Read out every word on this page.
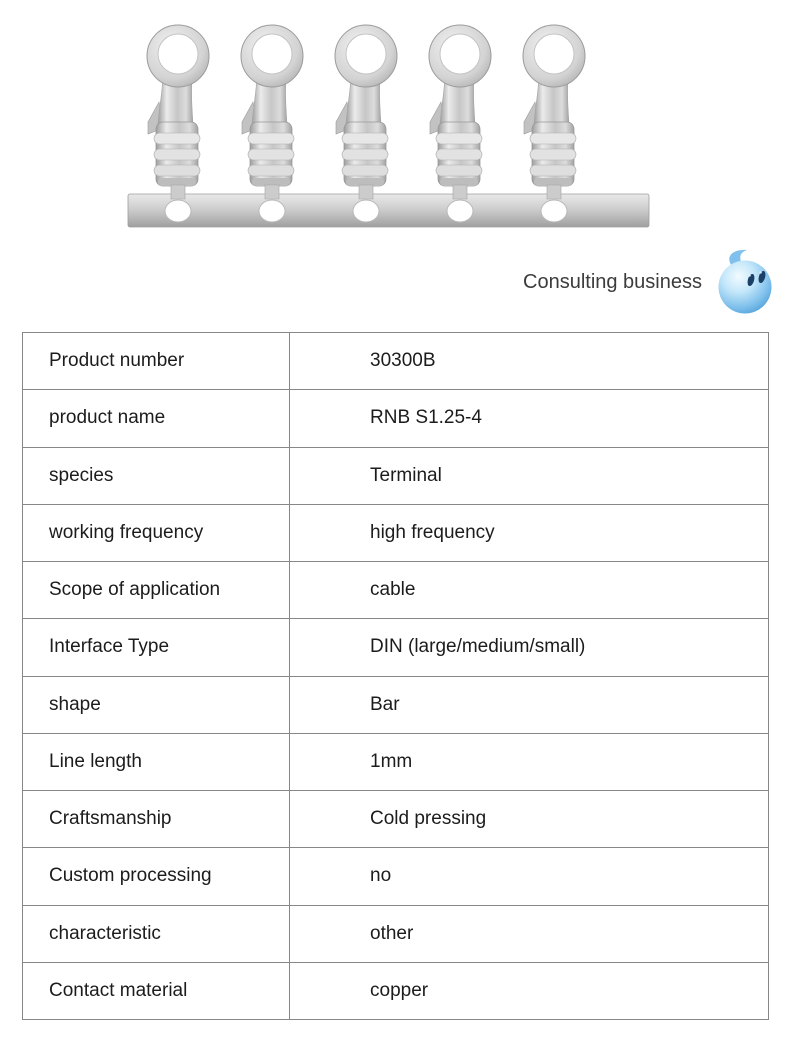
Consulting business
Product number	30300B
product name	RNB S1.25-4
species	Terminal
working frequency	high frequency
Scope of application	cable
Interface Type	DIN (large/medium/small)
shape	Bar
Line length	1mm
Craftsmanship	Cold pressing
Custom processing	no
characteristic	other
Contact material	copper
